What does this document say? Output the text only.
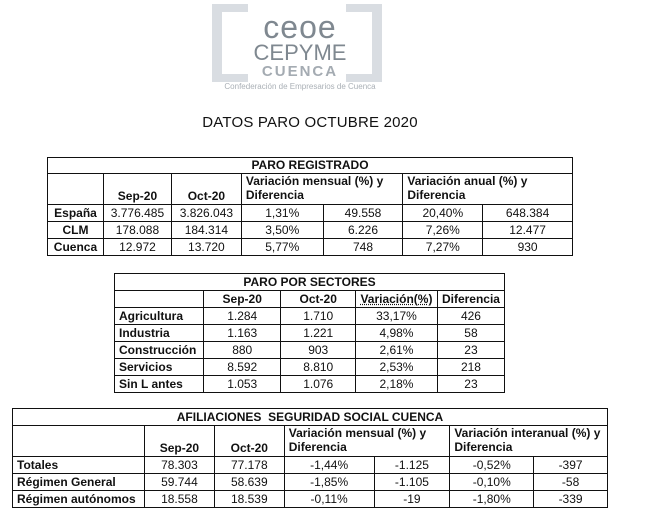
ceoe
CEPYME
CUENCA
Confederación de Empresarios de Cuenca
DATOS PARO OCTUBRE 2020
PARO REGISTRADO						
	Sep-20	Oct-20	Variación mensual (%) y Diferencia		Variación anual (%) y Diferencia	
España	3.776.485	3.826.043	1,31%	49.558	20,40%	648.384
CLM	178.088	184.314	3,50%	6.226	7,26%	12.477
Cuenca	12.972	13.720	5,77%	748	7,27%	930
PARO POR SECTORES				
	Sep-20	Oct-20	Variación(%)	Diferencia
Agricultura	1.284	1.710	33,17%	426
Industria	1.163	1.221	4,98%	58
Construcción	880	903	2,61%	23
Servicios	8.592	8.810	2,53%	218
Sin L antes	1.053	1.076	2,18%	23
AFILIACIONES  SEGURIDAD SOCIAL CUENCA						
	Sep-20	Oct-20	Variación mensual (%) y Diferencia		Variación interanual (%) y Diferencia	
Totales	78.303	77.178	-1,44%	-1.125	-0,52%	-397
Régimen General	59.744	58.639	-1,85%	-1.105	-0,10%	-58
Régimen autónomos	18.558	18.539	-0,11%	-19	-1,80%	-339
